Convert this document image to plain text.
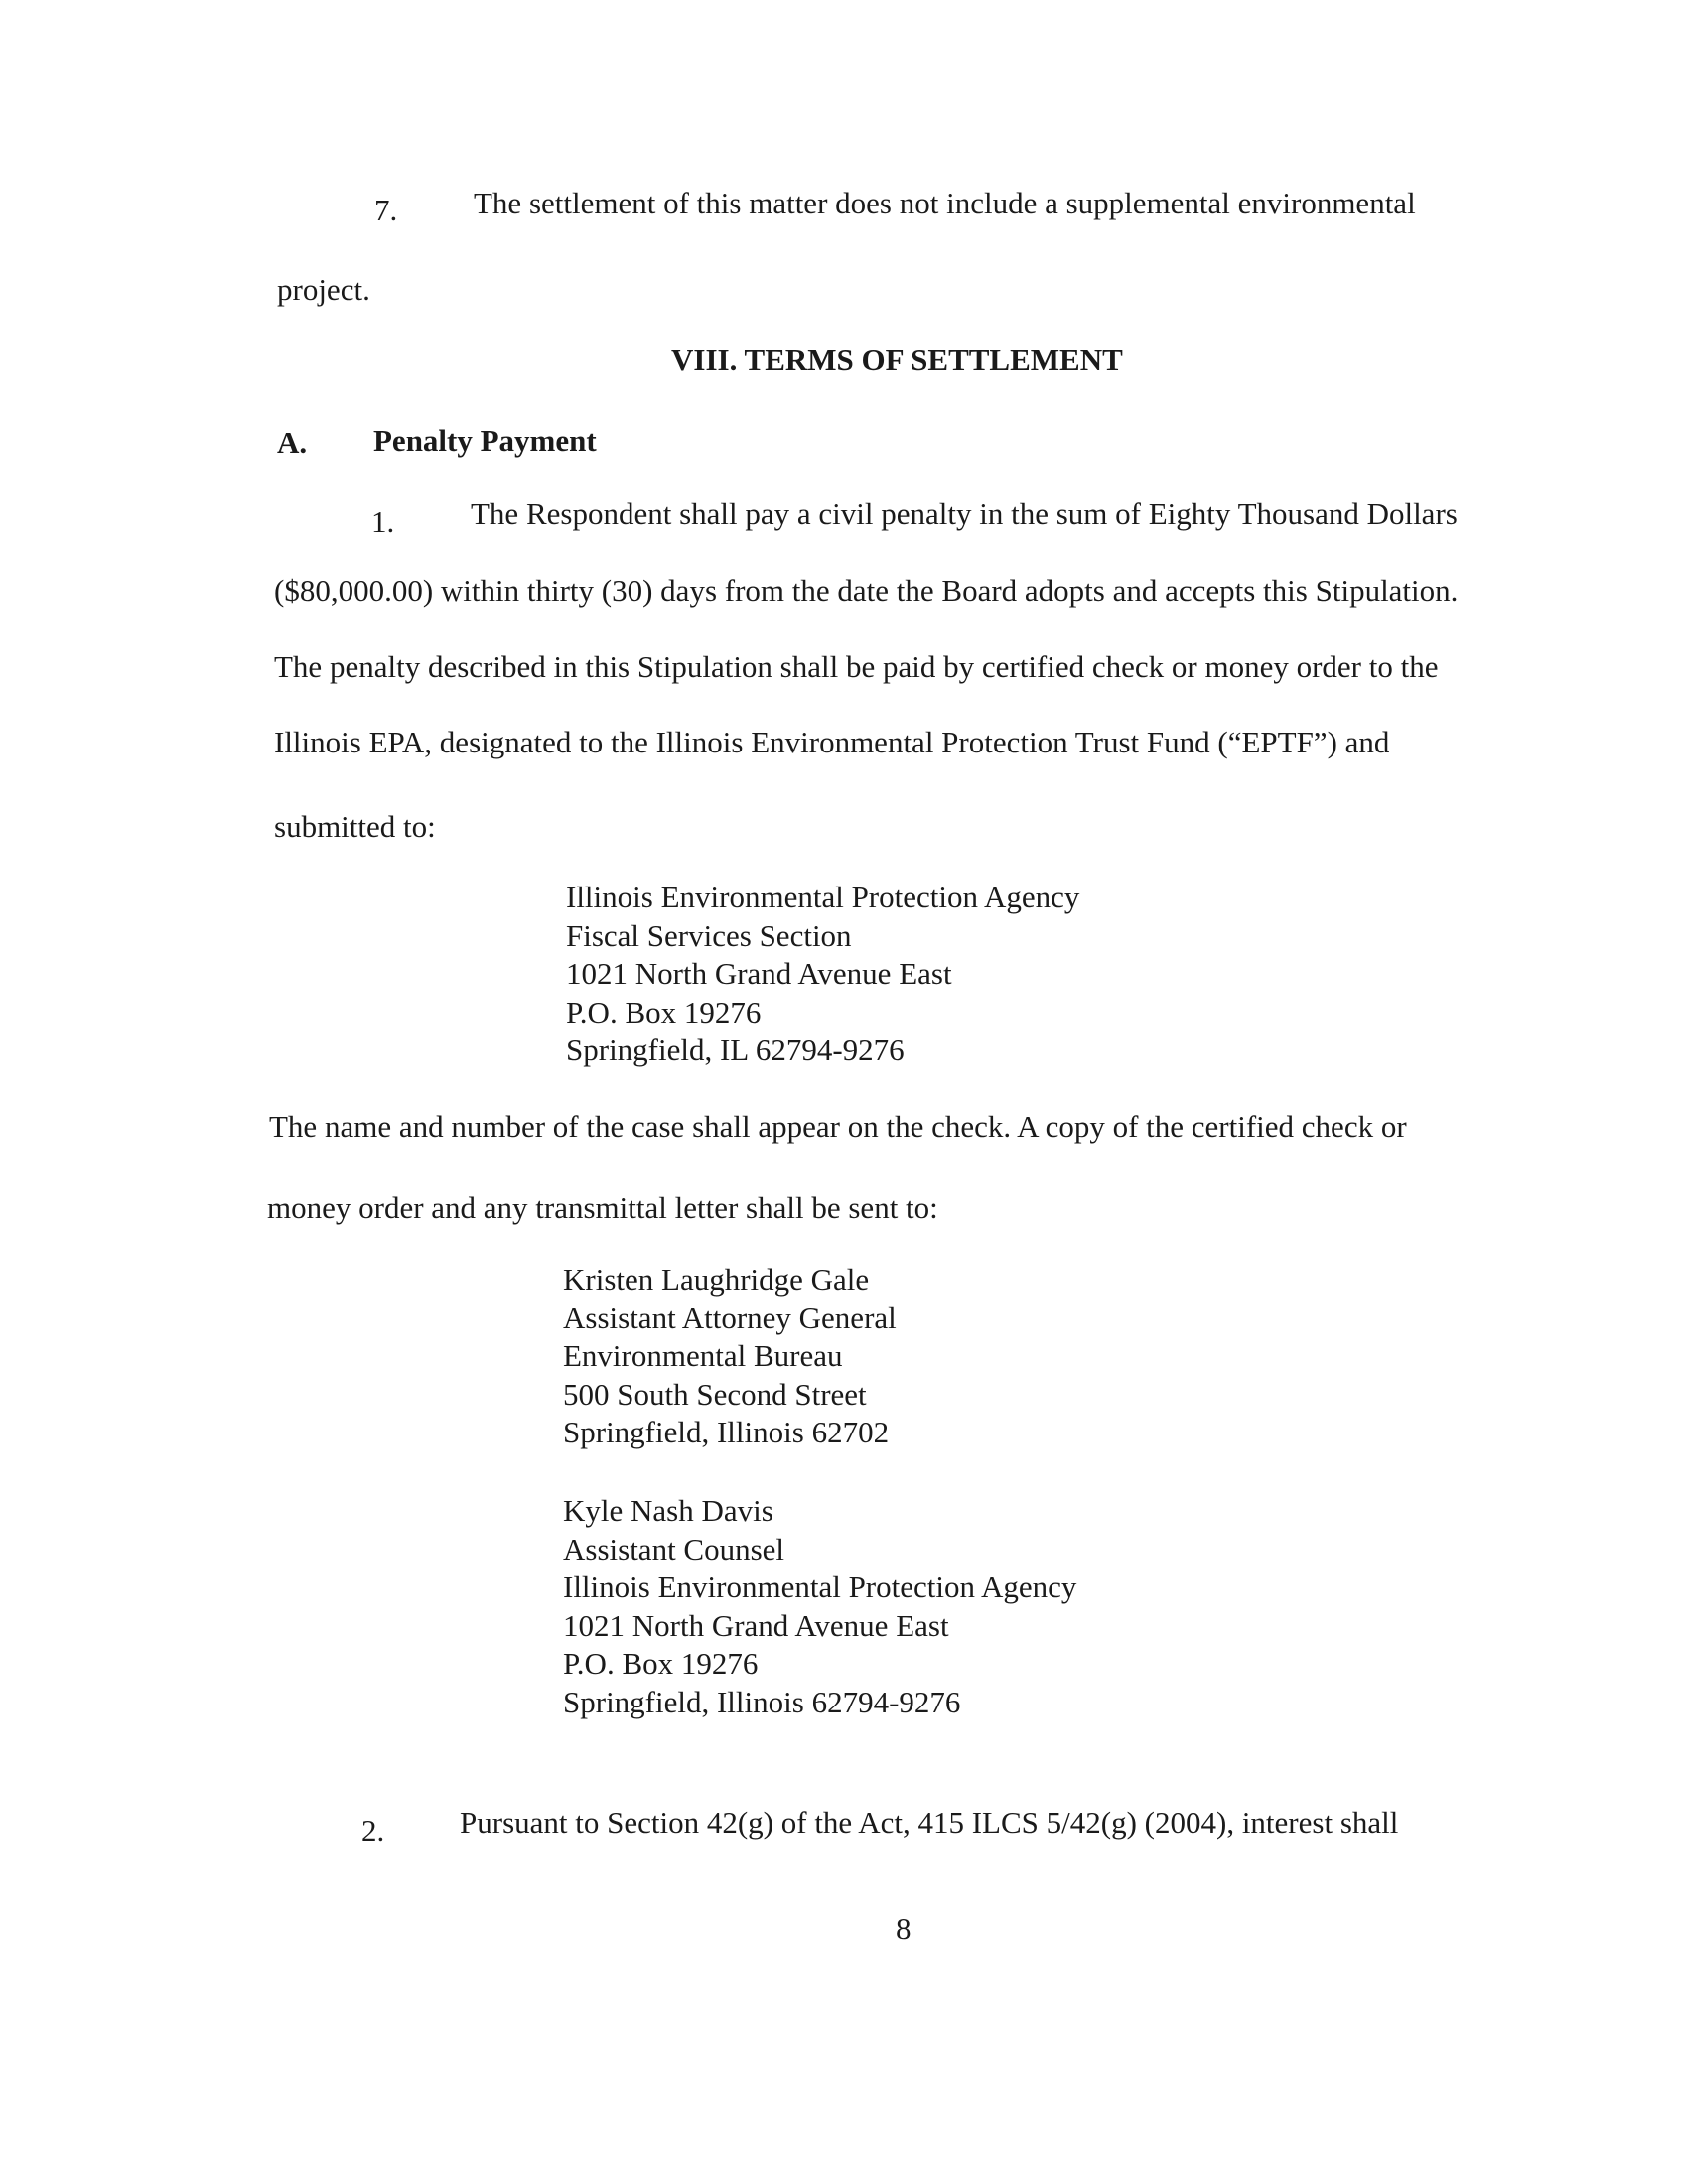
7. The settlement of this matter does not include a supplemental environmental
project.
VIII. TERMS OF SETTLEMENT
A. Penalty Payment
1. The Respondent shall pay a civil penalty in the sum of Eighty Thousand Dollars
($80,000.00) within thirty (30) days from the date the Board adopts and accepts this Stipulation.
The penalty described in this Stipulation shall be paid by certified check or money order to the
Illinois EPA, designated to the Illinois Environmental Protection Trust Fund (“EPTF”) and
submitted to:
Illinois Environmental Protection Agency
Fiscal Services Section
1021 North Grand Avenue East
P.O. Box 19276
Springfield, IL 62794-9276
The name and number of the case shall appear on the check. A copy of the certified check or
money order and any transmittal letter shall be sent to:
Kristen Laughridge Gale
Assistant Attorney General
Environmental Bureau
500 South Second Street
Springfield, Illinois 62702
Kyle Nash Davis
Assistant Counsel
Illinois Environmental Protection Agency
1021 North Grand Avenue East
P.O. Box 19276
Springfield, Illinois 62794-9276
2. Pursuant to Section 42(g) of the Act, 415 ILCS 5/42(g) (2004), interest shall
8
